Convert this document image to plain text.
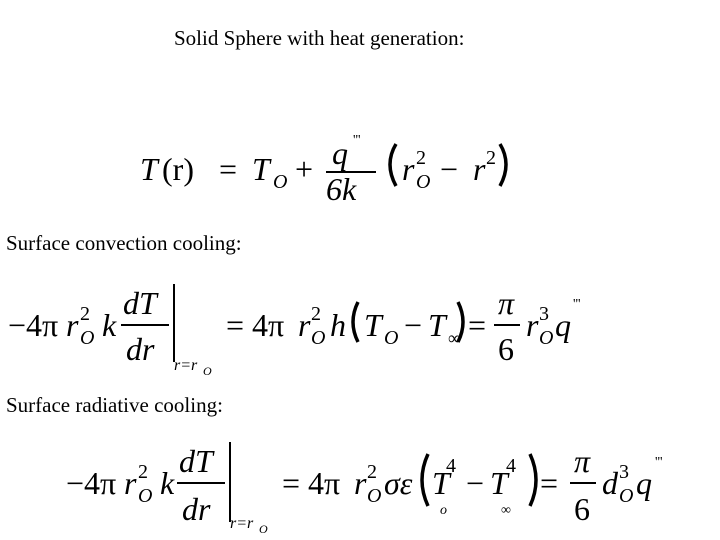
Solid Sphere with heat generation:
T (r) = T O + q '''
6k
r 2
O − r 2
Surface convection cooling:
−4π r 2
O k
dT
dr r=r O
= 4π r 2
O h T O − T ∞ =
π
6
r 3
O q
'''
Surface radiative cooling:
−4π r 2
O k
dT
dr r=r O
= 4π r 2
O σε T
4
o
− T
4
∞
=
π
6
d 3
O q
'''
